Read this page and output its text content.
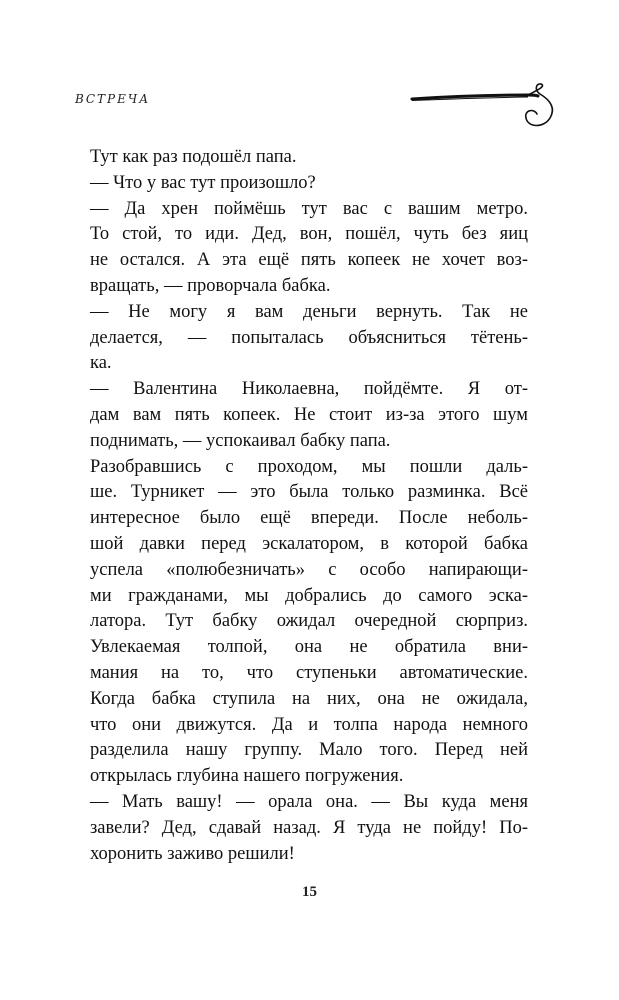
ВСТРЕЧА
Тут как раз подошёл папа.
— Что у вас тут произошло?
— Да хрен поймёшь тут вас с вашим метро.
То стой, то иди. Дед, вон, пошёл, чуть без яиц
не остался. А эта ещё пять копеек не хочет воз-
вращать, — проворчала бабка.
— Не могу я вам деньги вернуть. Так не
делается, — попыталась объясниться тётень-
ка.
— Валентина Николаевна, пойдёмте. Я от-
дам вам пять копеек. Не стоит из-за этого шум
поднимать, — успокаивал бабку папа.
Разобравшись с проходом, мы пошли даль-
ше. Турникет — это была только разминка. Всё
интересное было ещё впереди. После неболь-
шой давки перед эскалатором, в которой бабка
успела «полюбезничать» с особо напирающи-
ми гражданами, мы добрались до самого эска-
латора. Тут бабку ожидал очередной сюрприз.
Увлекаемая толпой, она не обратила вни-
мания на то, что ступеньки автоматические.
Когда бабка ступила на них, она не ожидала,
что они движутся. Да и толпа народа немного
разделила нашу группу. Мало того. Перед ней
открылась глубина нашего погружения.
— Мать вашу! — орала она. — Вы куда меня
завели? Дед, сдавай назад. Я туда не пойду! По-
хоронить заживо решили!
15
